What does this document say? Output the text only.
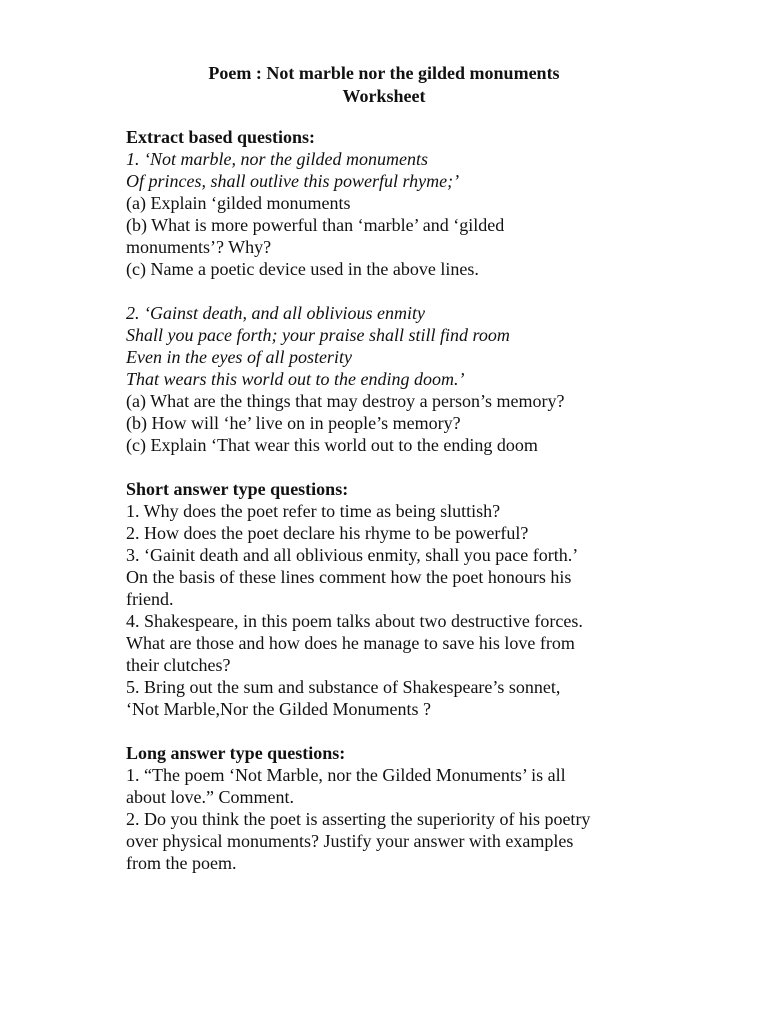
Poem : Not marble nor the gilded monuments
Worksheet
Extract based questions:
1. ‘Not marble, nor the gilded monuments
Of princes, shall outlive this powerful rhyme;’
(a) Explain ‘gilded monuments
(b) What is more powerful than ‘marble’ and ‘gilded
monuments’? Why?
(c) Name a poetic device used in the above lines.
2. ‘Gainst death, and all oblivious enmity
Shall you pace forth; your praise shall still find room
Even in the eyes of all posterity
That wears this world out to the ending doom.’
(a) What are the things that may destroy a person’s memory?
(b) How will ‘he’ live on in people’s memory?
(c) Explain ‘That wear this world out to the ending doom
Short answer type questions:
1. Why does the poet refer to time as being sluttish?
2. How does the poet declare his rhyme to be powerful?
3. ‘Gainit death and all oblivious enmity, shall you pace forth.’
On the basis of these lines comment how the poet honours his
friend.
4. Shakespeare, in this poem talks about two destructive forces.
What are those and how does he manage to save his love from
their clutches?
5. Bring out the sum and substance of Shakespeare’s sonnet,
‘Not Marble,Nor the Gilded Monuments ?
Long answer type questions:
1. “The poem ‘Not Marble, nor the Gilded Monuments’ is all
about love.” Comment.
2. Do you think the poet is asserting the superiority of his poetry
over physical monuments? Justify your answer with examples
from the poem.
